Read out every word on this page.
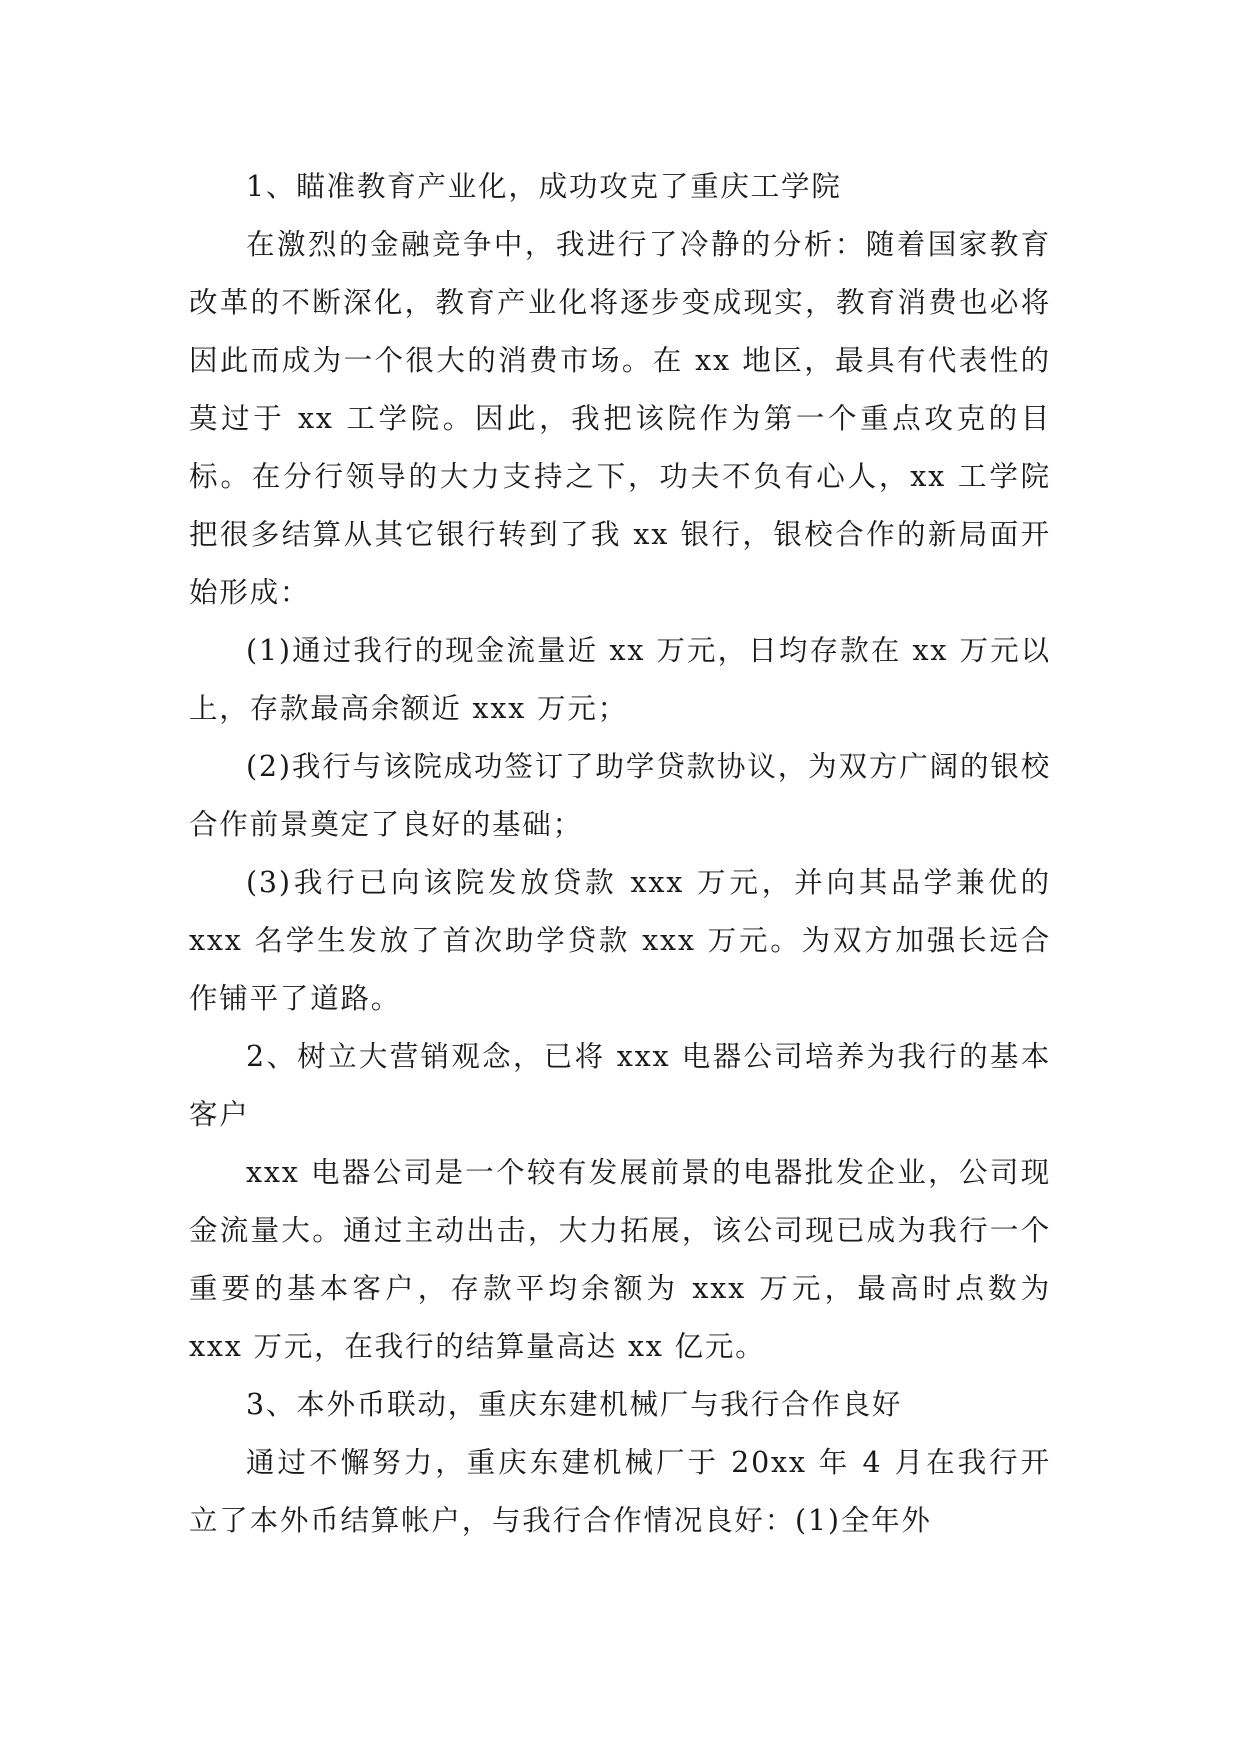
1、瞄准教育产业化，成功攻克了重庆工学院

在激烈的金融竞争中，我进行了冷静的分析：随着国家教育改革的不断深化，教育产业化将逐步变成现实，教育消费也必将因此而成为一个很大的消费市场。在 xx 地区，最具有代表性的莫过于 xx 工学院。因此，我把该院作为第一个重点攻克的目标。在分行领导的大力支持之下，功夫不负有心人，xx 工学院把很多结算从其它银行转到了我 xx 银行，银校合作的新局面开始形成：

(1)通过我行的现金流量近 xx 万元，日均存款在 xx 万元以上，存款最高余额近 xxx 万元；

(2)我行与该院成功签订了助学贷款协议，为双方广阔的银校合作前景奠定了良好的基础；

(3)我行已向该院发放贷款 xxx 万元，并向其品学兼优的 xxx 名学生发放了首次助学贷款 xxx 万元。为双方加强长远合作铺平了道路。

2、树立大营销观念，已将 xxx 电器公司培养为我行的基本客户

xxx 电器公司是一个较有发展前景的电器批发企业，公司现金流量大。通过主动出击，大力拓展，该公司现已成为我行一个重要的基本客户，存款平均余额为 xxx 万元，最高时点数为 xxx 万元，在我行的结算量高达 xx 亿元。

3、本外币联动，重庆东建机械厂与我行合作良好

通过不懈努力，重庆东建机械厂于 20xx 年 4 月在我行开立了本外币结算帐户，与我行合作情况良好：(1)全年外
